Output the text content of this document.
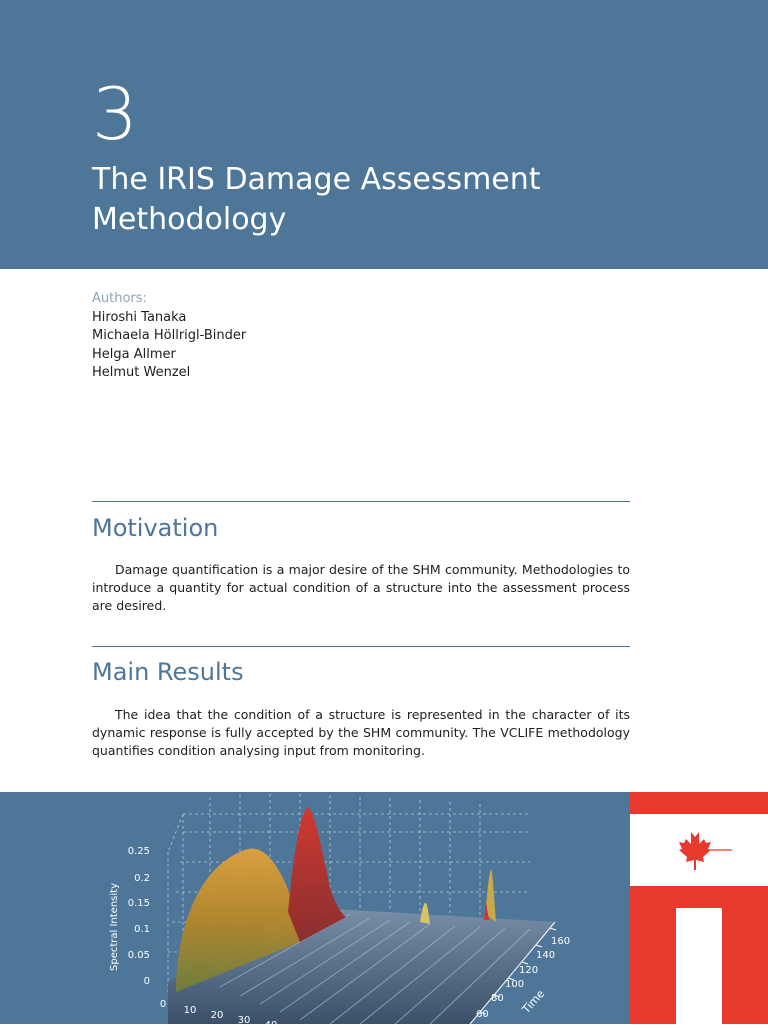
3
The IRIS Damage Assessment Methodology
Authors:
Hiroshi Tanaka
Michaela Höllrigl-Binder
Helga Allmer
Helmut Wenzel
Motivation

Damage quantification is a major desire of the SHM community. Methodologies to introduce a quantity for actual condition of a structure into the assessment process are desired.

Main Results

The idea that the condition of a structure is represented in the character of its dynamic response is fully accepted by the SHM community. The VCLIFE methodology quantifies condition analysing input from monitoring.

0.25
0.2
0.15
0.1
0.05
0
Spectral Intensity
0
10 20 30 40
60
80
100
120
140
160
Time
